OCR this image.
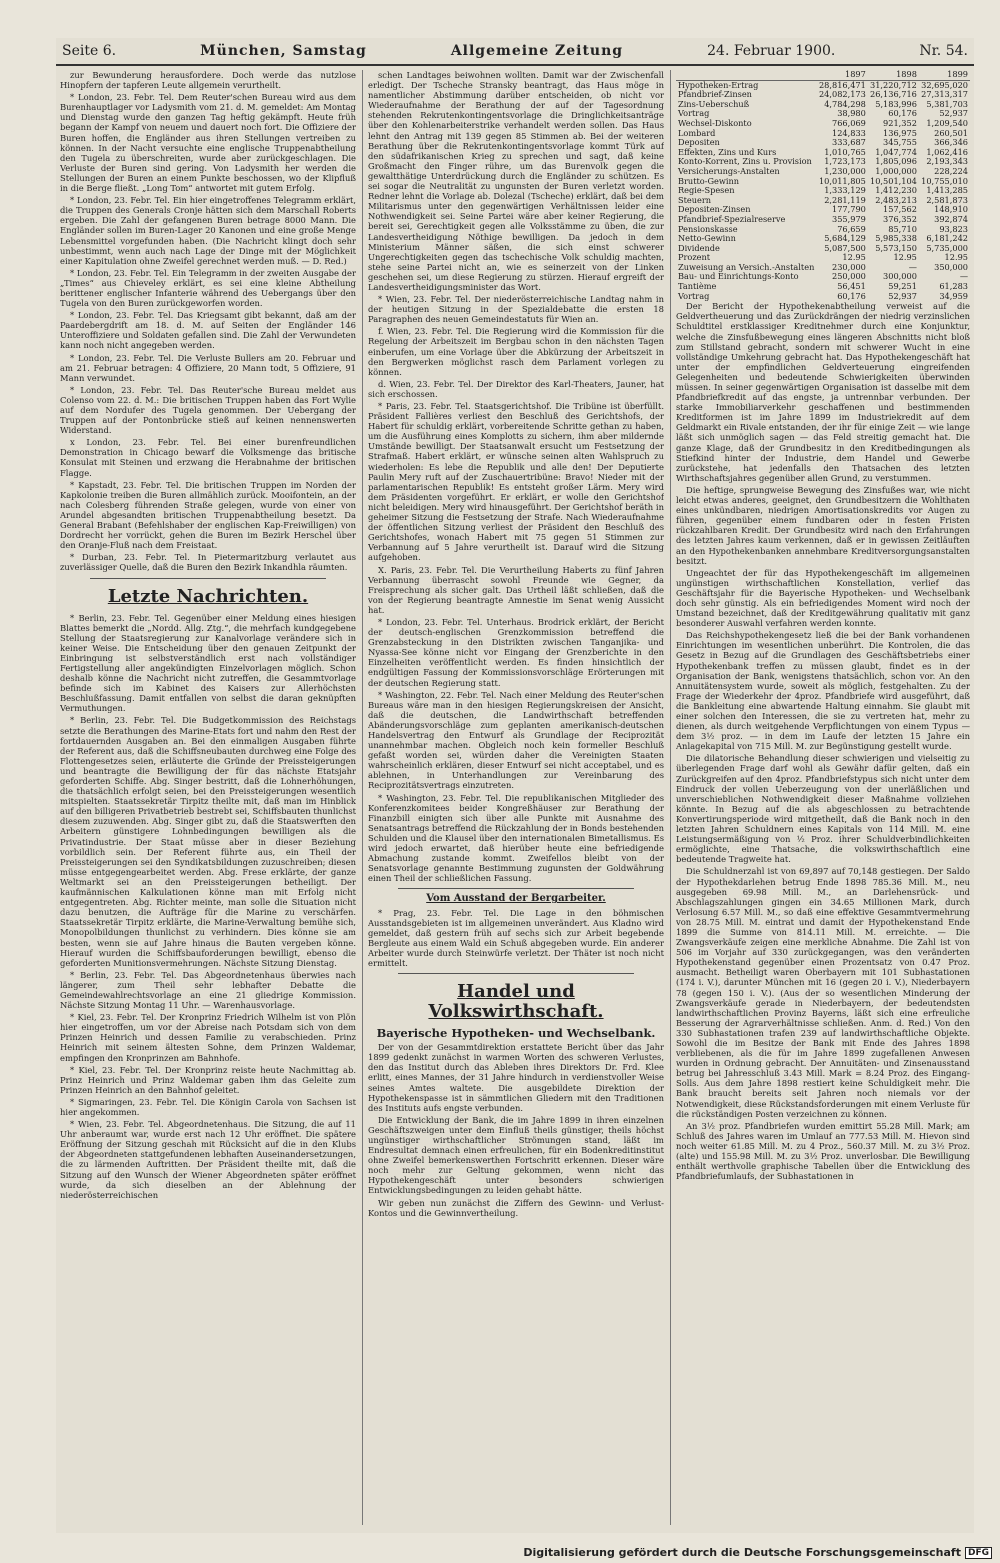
Seite 6.	München, Samstag	Allgemeine Zeitung	24. Februar 1900.	Nr. 54.

zur Bewunderung herausfordere. Doch werde das nutzlose Hinopfern der tapferen Leute allgemein verurtheilt.

* London, 23. Febr. Tel. Dem Reuter'schen Bureau wird aus dem Burenhauptlager vor Ladysmith vom 21. d. M. gemeldet: Am Montag und Dienstag wurde den ganzen Tag heftig gekämpft. Heute früh begann der Kampf von neuem und dauert noch fort. Die Offiziere der Buren hoffen, die Engländer aus ihren Stellungen vertreiben zu können. In der Nacht versuchte eine englische Truppenabtheilung den Tugela zu überschreiten, wurde aber zurückgeschlagen. Die Verluste der Buren sind gering. Von Ladysmith her werden die Stellungen der Buren an einem Punkte beschossen, wo der Klipfluß in die Berge fließt. „Long Tom“ antwortet mit gutem Erfolg.

* London, 23. Febr. Tel. Ein hier eingetroffenes Telegramm erklärt, die Truppen des Generals Cronje hätten sich dem Marschall Roberts ergeben. Die Zahl der gefangenen Buren betrage 8000 Mann. Die Engländer sollen im Buren-Lager 20 Kanonen und eine große Menge Lebensmittel vorgefunden haben. (Die Nachricht klingt doch sehr unbestimmt, wenn auch nach Lage der Dinge mit der Möglichkeit einer Kapitulation ohne Zweifel gerechnet werden muß. — D. Red.)

* London, 23. Febr. Tel. Ein Telegramm in der zweiten Ausgabe der „Times“ aus Chieveley erklärt, es sei eine kleine Abtheilung berittener englischer Infanterie während des Uebergangs über den Tugela von den Buren zurückgeworfen worden.

* London, 23. Febr. Tel. Das Kriegsamt gibt bekannt, daß am der Paardebergdrift am 18. d. M. auf Seiten der Engländer 146 Unteroffiziere und Soldaten gefallen sind. Die Zahl der Verwundeten kann noch nicht angegeben werden.

* London, 23. Febr. Tel. Die Verluste Bullers am 20. Februar und am 21. Februar betragen: 4 Offiziere, 20 Mann todt, 5 Offiziere, 91 Mann verwundet.

* London, 23. Febr. Tel. Das Reuter'sche Bureau meldet aus Colenso vom 22. d. M.: Die britischen Truppen haben das Fort Wylie auf dem Nordufer des Tugela genommen. Der Uebergang der Truppen auf der Pontonbrücke stieß auf keinen nennenswerten Widerstand.

x London, 23. Febr. Tel. Bei einer burenfreundlichen Demonstration in Chicago bewarf die Volksmenge das britische Konsulat mit Steinen und erzwang die Herabnahme der britischen Flagge.

* Kapstadt, 23. Febr. Tel. Die britischen Truppen im Norden der Kapkolonie treiben die Buren allmählich zurück. Mooifontein, an der nach Colesberg führenden Straße gelegen, wurde von einer von Arundel abgesandten britischen Truppenabtheilung besetzt. Da General Brabant (Befehlshaber der englischen Kap-Freiwilligen) von Dordrecht her vorrückt, gehen die Buren im Bezirk Herschel über den Oranje-Fluß nach dem Freistaat.

* Durban, 23. Febr. Tel. In Pietermaritzburg verlautet aus zuverlässiger Quelle, daß die Buren den Bezirk Inkandhla räumten.

Letzte Nachrichten.

* Berlin, 23. Febr. Tel. Gegenüber einer Meldung eines hiesigen Blattes bemerkt die „Nordd. Allg. Ztg.“, die mehrfach kundgegebene Stellung der Staatsregierung zur Kanalvorlage verändere sich in keiner Weise. Die Entscheidung über den genauen Zeitpunkt der Einbringung ist selbstverständlich erst nach vollständiger Fertigstellung aller angekündigten Einzelvorlagen möglich. Schon deshalb könne die Nachricht nicht zutreffen, die Gesammtvorlage befinde sich im Kabinet des Kaisers zur Allerhöchsten Beschlußfassung. Damit entfallen von selbst die daran geknüpften Vermuthungen.

* Berlin, 23. Febr. Tel. Die Budgetkommission des Reichstags setzte die Berathungen des Marine-Etats fort und nahm den Rest der fortdauernden Ausgaben an. Bei den einmaligen Ausgaben führte der Referent aus, daß die Schiffsneubauten durchweg eine Folge des Flottengesetzes seien, erläuterte die Gründe der Preissteigerungen und beantragte die Bewilligung der für das nächste Etatsjahr geforderten Schiffe. Abg. Singer bestritt, daß die Lohnerhöhungen, die thatsächlich erfolgt seien, bei den Preissteigerungen wesentlich mitspielten. Staatssekretär Tirpitz theilte mit, daß man im Hinblick auf den billigeren Privatbetrieb bestrebt sei, Schiffsbauten thunlichst diesem zuzuwenden. Abg. Singer gibt zu, daß die Staatswerften den Arbeitern günstigere Lohnbedingungen bewilligen als die Privatindustrie. Der Staat müsse aber in dieser Beziehung vorbildlich sein. Der Referent führte aus, ein Theil der Preissteigerungen sei den Syndikatsbildungen zuzuschreiben; diesen müsse entgegengearbeitet werden. Abg. Frese erklärte, der ganze Weltmarkt sei an den Preissteigerungen betheiligt. Der kaufmännischen Kalkulationen könne man mit Erfolg nicht entgegentreten. Abg. Richter meinte, man solle die Situation nicht dazu benutzen, die Aufträge für die Marine zu verschärfen. Staatssekretär Tirpitz erklärte, die Marine-Verwaltung bemühe sich, Monopolbildungen thunlichst zu verhindern. Dies könne sie am besten, wenn sie auf Jahre hinaus die Bauten vergeben könne. Hierauf wurden die Schiffsbauforderungen bewilligt, ebenso die geforderten Munitionsvermehrungen. Nächste Sitzung Dienstag.

* Berlin, 23. Febr. Tel. Das Abgeordnetenhaus überwies nach längerer, zum Theil sehr lebhafter Debatte die Gemeindewahlrechtsvorlage an eine 21 gliedrige Kommission. Nächste Sitzung Montag 11 Uhr. — Warenhausvorlage.

* Kiel, 23. Febr. Tel. Der Kronprinz Friedrich Wilhelm ist von Plön hier eingetroffen, um vor der Abreise nach Potsdam sich von dem Prinzen Heinrich und dessen Familie zu verabschieden. Prinz Heinrich mit seinem ältesten Sohne, dem Prinzen Waldemar, empfingen den Kronprinzen am Bahnhofe.

* Kiel, 23. Febr. Tel. Der Kronprinz reiste heute Nachmittag ab. Prinz Heinrich und Prinz Waldemar gaben ihm das Geleite zum Prinzen Heinrich an den Bahnhof geleitet.

* Sigmaringen, 23. Febr. Tel. Die Königin Carola von Sachsen ist hier angekommen.

* Wien, 23. Febr. Tel. Abgeordnetenhaus. Die Sitzung, die auf 11 Uhr anberaumt war, wurde erst nach 12 Uhr eröffnet. Die spätere Eröffnung der Sitzung geschah mit Rücksicht auf die in den Klubs der Abgeordneten stattgefundenen lebhaften Auseinandersetzungen, die zu lärmenden Auftritten. Der Präsident theilte mit, daß die Sitzung auf den Wunsch der Wiener Abgeordneten später eröffnet wurde, da sich dieselben an der Ablehnung der niederösterreichischen

schen Landtages beiwohnen wollten. Damit war der Zwischenfall erledigt. Der Tscheche Stransky beantragt, das Haus möge in namentlicher Abstimmung darüber entscheiden, ob nicht vor Wiederaufnahme der Berathung der auf der Tagesordnung stehenden Rekrutenkontingentsvorlage die Dringlichkeitsanträge über den Kohlenarbeiterstrike verhandelt werden sollen. Das Haus lehnt den Antrag mit 139 gegen 85 Stimmen ab. Bei der weiteren Berathung über die Rekrutenkontingentsvorlage kommt Türk auf den südafrikanischen Krieg zu sprechen und sagt, daß keine Großmacht den Finger rühre, um das Burenvolk gegen die gewaltthätige Unterdrückung durch die Engländer zu schützen. Es sei sogar die Neutralität zu ungunsten der Buren verletzt worden. Redner lehnt die Vorlage ab. Dolezal (Tscheche) erklärt, daß bei dem Militarismus unter den gegenwärtigen Verhältnissen leider eine Nothwendigkeit sei. Seine Partei wäre aber keiner Regierung, die bereit sei, Gerechtigkeit gegen alle Volksstämme zu üben, die zur Landesvertheidigung Nöthige bewilligen. Da jedoch in dem Ministerium Männer säßen, die sich einst schwerer Ungerechtigkeiten gegen das tschechische Volk schuldig machten, stehe seine Partei nicht an, wie es seinerzeit von der Linken geschehen sei, um diese Regierung zu stürzen. Hierauf ergreift der Landesvertheidigungsminister das Wort.

* Wien, 23. Febr. Tel. Der niederösterreichische Landtag nahm in der heutigen Sitzung in der Spezialdebatte die ersten 18 Paragraphen des neuen Gemeindestatuts für Wien an.

f. Wien, 23. Febr. Tel. Die Regierung wird die Kommission für die Regelung der Arbeitszeit im Bergbau schon in den nächsten Tagen einberufen, um eine Vorlage über die Abkürzung der Arbeitszeit in den Bergwerken möglichst rasch dem Parlament vorlegen zu können.

d. Wien, 23. Febr. Tel. Der Direktor des Karl-Theaters, Jauner, hat sich erschossen.

* Paris, 23. Febr. Tel. Staatsgerichtshof. Die Tribüne ist überfüllt. Präsident Fallières verliest den Beschluß des Gerichtshofs, der Habert für schuldig erklärt, vorbereitende Schritte gethan zu haben, um die Ausführung eines Komplotts zu sichern, ihm aber mildernde Umstände bewilligt. Der Staatsanwalt ersucht um Festsetzung der Strafmaß. Habert erklärt, er wünsche seinen alten Wahlspruch zu wiederholen: Es lebe die Republik und alle den! Der Deputierte Paulin Mery ruft auf der Zuschauertribüne: Bravo! Nieder mit der parlamentarischen Republik! Es entsteht großer Lärm. Mery wird dem Präsidenten vorgeführt. Er erklärt, er wolle den Gerichtshof nicht beleidigen. Mery wird hinausgeführt. Der Gerichtshof beräth in geheimer Sitzung die Festsetzung der Strafe. Nach Wiederaufnahme der öffentlichen Sitzung verliest der Präsident den Beschluß des Gerichtshofes, wonach Habert mit 75 gegen 51 Stimmen zur Verbannung auf 5 Jahre verurtheilt ist. Darauf wird die Sitzung aufgehoben.

X. Paris, 23. Febr. Tel. Die Verurtheilung Haberts zu fünf Jahren Verbannung überrascht sowohl Freunde wie Gegner, da Freisprechung als sicher galt. Das Urtheil läßt schließen, daß die von der Regierung beantragte Amnestie im Senat wenig Aussicht hat.

* London, 23. Febr. Tel. Unterhaus. Brodrick erklärt, der Bericht der deutsch-englischen Grenzkommission betreffend die Grenzabsteckung in den Distrikten zwischen Tanganjika- und Nyassa-See könne nicht vor Eingang der Grenzberichte in den Einzelheiten veröffentlicht werden. Es finden hinsichtlich der endgültigen Fassung der Kommissionsvorschläge Erörterungen mit der deutschen Regierung statt.

* Washington, 22. Febr. Tel. Nach einer Meldung des Reuter'schen Bureaus wäre man in den hiesigen Regierungskreisen der Ansicht, daß die deutschen, die Landwirthschaft betreffenden Abänderungsvorschläge zum geplanten amerikanisch-deutschen Handelsvertrag den Entwurf als Grundlage der Reciprozität unannehmbar machen. Obgleich noch kein formeller Beschluß gefaßt worden sei, würden daher die Vereinigten Staaten wahrscheinlich erklären, dieser Entwurf sei nicht acceptabel, und es ablehnen, in Unterhandlungen zur Vereinbarung des Reciprozitätsvertrags einzutreten.

* Washington, 23. Febr. Tel. Die republikanischen Mitglieder des Konferenzkomitees beider Kongreßhäuser zur Berathung der Finanzbill einigten sich über alle Punkte mit Ausnahme des Senatsantrags betreffend die Rückzahlung der in Bonds bestehenden Schulden und die Klausel über den internationalen Bimetallismus. Es wird jedoch erwartet, daß hierüber heute eine befriedigende Abmachung zustande kommt. Zweifellos bleibt von der Senatsvorlage genannte Bestimmung zugunsten der Goldwährung einen Theil der schließlichen Fassung.

Vom Ausstand der Bergarbeiter.

* Prag, 23. Febr. Tel. Die Lage in den böhmischen Ausstandsgebieten ist im allgemeinen unverändert. Aus Kladno wird gemeldet, daß gestern früh auf sechs sich zur Arbeit begebende Bergleute aus einem Wald ein Schuß abgegeben wurde. Ein anderer Arbeiter wurde durch Steinwürfe verletzt. Der Thäter ist noch nicht ermittelt.

Handel und Volkswirthschaft.
Bayerische Hypotheken- und Wechselbank.

Der von der Gesammtdirektion erstattete Bericht über das Jahr 1899 gedenkt zunächst in warmen Worten des schweren Verlustes, den das Institut durch das Ableben ihres Direktors Dr. Frd. Klee erlitt, eines Mannes, der 31 Jahre hindurch in verdienstvoller Weise seines Amtes waltete. Die ausgebildete Direktion der Hypothekenspasse ist in sämmtlichen Gliedern mit den Traditionen des Instituts aufs engste verbunden.

Die Entwicklung der Bank, die im Jahre 1899 in ihren einzelnen Geschäftszweigen unter dem Einfluß theils günstiger, theils höchst ungünstiger wirthschaftlicher Strömungen stand, läßt im Endresultat demnach einen erfreulichen, für ein Bodenkreditinstitut ohne Zweifel bemerkenswerthen Fortschritt erkennen. Dieser wäre noch mehr zur Geltung gekommen, wenn nicht das Hypothekengeschäft unter besonders schwierigen Entwicklungsbedingungen zu leiden gehabt hätte.

Wir geben nun zunächst die Ziffern des Gewinn- und Verlust-Kontos und die Gewinnvertheilung.

	1897	1898	1899
Hypotheken-Ertrag	28,816,471	31,220,712	32,695,020
Pfandbrief-Zinsen	24,082,173	26,136,716	27,313,317
Zins-Ueberschuß	4,784,298	5,183,996	5,381,703
Vortrag	38,980	60,176	52,937
Wechsel-Diskonto	766,069	921,352	1,209,540
Lombard	124,833	136,975	260,501
Depositen	333,687	345,755	366,346
Effekten, Zins und Kurs	1,010,765	1,047,774	1,062,416
Konto-Korrent, Zins u. Provision	1,723,173	1,805,096	2,193,343
Versicherungs-Anstalten	1,230,000	1,000,000	228,224
Brutto-Gewinn	10,011,805	10,501,104	10,755,010
Regie-Spesen	1,333,129	1,412,230	1,413,285
Steuern	2,281,119	2,483,213	2,581,873
Depositen-Zinsen	177,790	157,562	148,910
Pfandbrief-Spezialreserve	355,979	376,352	392,874
Pensionskasse	76,659	85,710	93,823
Netto-Gewinn	5,684,129	5,985,338	6,181,242
Dividende	5,087,500	5,573,150	5,735,000
Prozent	12.95	12.95	12.95
Zuweisung an Versich.-Anstalten	230,000	—	350,000
Bau- und Einrichtungs-Konto	250,000	300,000	—
Tantième	56,451	59,251	61,283
Vortrag	60,176	52,937	34,959

Der Bericht der Hypothekenabtheilung verweist auf die Geldvertheuerung und das Zurückdrängen der niedrig verzinslichen Schuldtitel erstklassiger Kreditnehmer durch eine Konjunktur, welche die Zinsfußbewegung eines längeren Abschnitts nicht bloß zum Stillstand gebracht, sondern mit schwerer Wucht in eine vollständige Umkehrung gebracht hat. Das Hypothekengeschäft hat unter der empfindlichen Geldverteuerung eingreifenden Gelegenheiten und bedeutende Schwierigkeiten überwinden müssen. In seiner gegenwärtigen Organisation ist dasselbe mit dem Pfandbriefkredit auf das engste, ja untrennbar verbunden. Der starke Immobiliarverkehr geschaffenen und bestimmenden Kreditformen ist im Jahre 1899 im Industriekredit auf dem Geldmarkt ein Rivale entstanden, der ihr für einige Zeit — wie lange läßt sich unmöglich sagen — das Feld streitig gemacht hat. Die ganze Klage, daß der Grundbesitz in den Kreditbedingungen als Stiefkind hinter der Industrie, dem Handel und Gewerbe zurückstehe, hat jedenfalls den Thatsachen des letzten Wirthschaftsjahres gegenüber allen Grund, zu verstummen.

Die heftige, sprungweise Bewegung des Zinsfußes war, wie nicht leicht etwas anderes, geeignet, den Grundbesitzern die Wohlthaten eines unkündbaren, niedrigen Amortisationskredits vor Augen zu führen, gegenüber einem fundbaren oder in festen Fristen rückzahlbaren Kredit. Der Grundbesitz wird nach den Erfahrungen des letzten Jahres kaum verkennen, daß er in gewissen Zeitläuften an den Hypothekenbanken annehmbare Kreditversorgungsanstalten besitzt.

Ungeachtet der für das Hypothekengeschäft im allgemeinen ungünstigen wirthschaftlichen Konstellation, verlief das Geschäftsjahr für die Bayerische Hypotheken- und Wechselbank doch sehr günstig. Als ein befriedigendes Moment wird noch der Umstand bezeichnet, daß der Kreditgewährung qualitativ mit ganz besonderer Auswahl verfahren werden konnte.

Das Reichshypothekengesetz ließ die bei der Bank vorhandenen Einrichtungen im wesentlichen unberührt. Die Kontrolen, die das Gesetz in Bezug auf die Grundlagen des Geschäftsbetriebs einer Hypothekenbank treffen zu müssen glaubt, findet es in der Organisation der Bank, wenigstens thatsächlich, schon vor. An den Annuitätensystem wurde, soweit als möglich, festgehalten. Zu der Frage der Wiederkehr der 4proz. Pfandbriefe wird ausgeführt, daß die Bankleitung eine abwartende Haltung einnahm. Sie glaubt mit einer solchen den Interessen, die sie zu vertreten hat, mehr zu dienen, als durch weitgehende Verpflichtungen von einem Typus — dem 3½ proz. — in dem im Laufe der letzten 15 Jahre ein Anlagekapital von 715 Mill. M. zur Begünstigung gestellt wurde.

Die dilatorische Behandlung dieser schwierigen und vielseitig zu überlegenden Frage darf wohl als Gewähr dafür gelten, daß ein Zurückgreifen auf den 4proz. Pfandbriefstypus sich nicht unter dem Eindruck der vollen Ueberzeugung von der unerläßlichen und unverschieblichen Nothwendigkeit dieser Maßnahme vollziehen könnte. In Bezug auf die als abgeschlossen zu betrachtende Konvertirungsperiode wird mitgetheilt, daß die Bank noch in den letzten Jahren Schuldnern eines Kapitals von 114 Mill. M. eine Leistungsermäßigung von ½ Proz. ihrer Schuldverbindlichkeiten ermöglichte, eine Thatsache, die volkswirthschaftlich eine bedeutende Tragweite hat.

Die Schuldnerzahl ist von 69,897 auf 70,148 gestiegen. Der Saldo der Hypothekdarlehen betrug Ende 1898 785.36 Mill. M., neu ausgegeben 69.98 Mill. M., an Darlehensrück- und Abschlagszahlungen gingen ein 34.65 Millionen Mark, durch Verlosung 6.57 Mill. M., so daß eine effektive Gesammtvermehrung von 28.75 Mill. M. eintrat und damit der Hypothekenstand Ende 1899 die Summe von 814.11 Mill. M. erreichte. — Die Zwangsverkäufe zeigen eine merkliche Abnahme. Die Zahl ist von 506 im Vorjahr auf 330 zurückgegangen, was den veränderten Hypothekenstand gegenüber einen Prozentsatz von 0.47 Proz. ausmacht. Betheiligt waren Oberbayern mit 101 Subhastationen (174 i. V.), darunter München mit 16 (gegen 20 i. V.), Niederbayern 78 (gegen 150 i. V.). (Aus der so wesentlichen Minderung der Zwangsverkäufe gerade in Niederbayern, der bedeutendsten landwirthschaftlichen Provinz Bayerns, läßt sich eine erfreuliche Besserung der Agrarverhältnisse schließen. Anm. d. Red.) Von den 330 Subhastationen trafen 239 auf landwirthschaftliche Objekte. Sowohl die im Besitze der Bank mit Ende des Jahres 1898 verbliebenen, als die für im Jahre 1899 zugefallenen Anwesen wurden in Ordnung gebracht. Der Annuitäten- und Zinsenausstand betrug bei Jahresschluß 3.43 Mill. Mark = 8.24 Proz. des Eingang-Solls. Aus dem Jahre 1898 restiert keine Schuldigkeit mehr. Die Bank braucht bereits seit Jahren noch niemals vor der Notwendigkeit, diese Rückstandsforderungen mit einem Verluste für die rückständigen Posten verzeichnen zu können.

An 3½ proz. Pfandbriefen wurden emittirt 55.28 Mill. Mark; am Schluß des Jahres waren im Umlauf an 777.53 Mill. M. Hievon sind noch weiter 61.85 Mill. M. zu 4 Proz., 560.37 Mill. M. zu 3½ Proz. (alte) und 155.98 Mill. M. zu 3½ Proz. unverlosbar. Die Bewilligung enthält werthvolle graphische Tabellen über die Entwicklung des Pfandbriefumlaufs, der Subhastationen in

Digitalisierung gefördert durch die Deutsche Forschungsgemeinschaft DFG
